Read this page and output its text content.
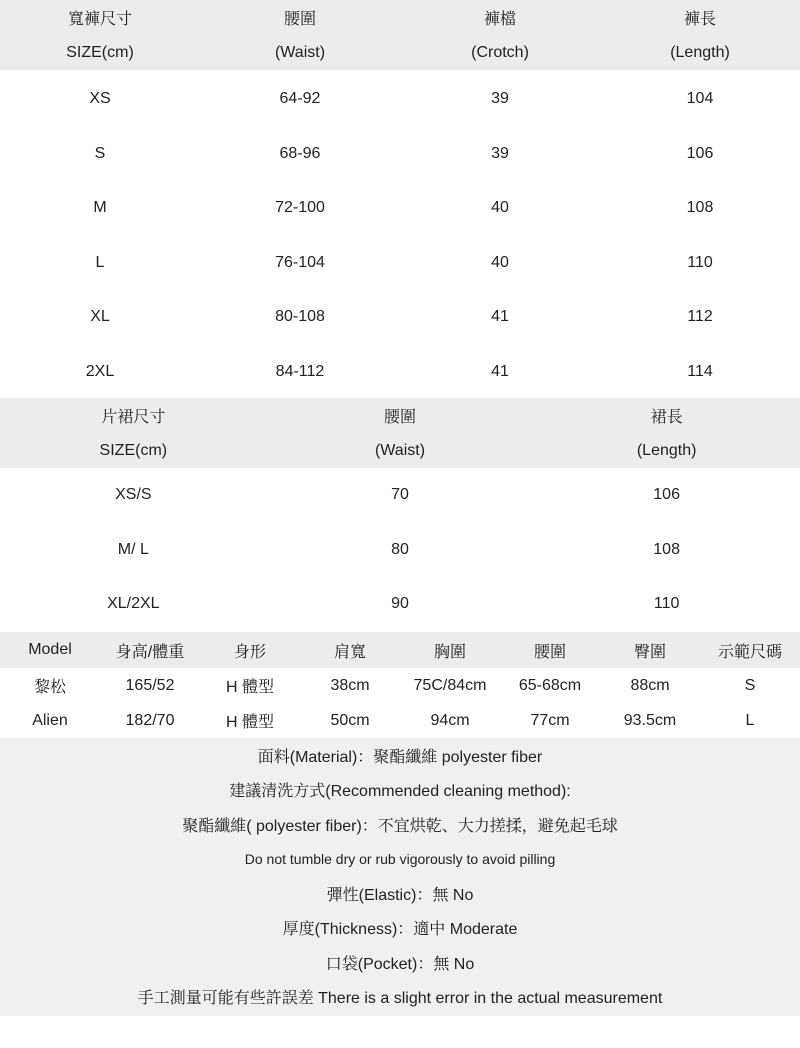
寬褲尺寸	腰圍	褲檔	褲長
SIZE(cm)	(Waist)	(Crotch)	(Length)
XS	64-92	39	104
S	68-96	39	106
M	72-100	40	108
L	76-104	40	110
XL	80-108	41	112
2XL	84-112	41	114
片裙尺寸	腰圍	裙長
SIZE(cm)	(Waist)	(Length)
XS/S	70	106
M/ L	80	108
XL/2XL	90	110
Model	身高/體重	身形	肩寬	胸圍	腰圍	臀圍	示範尺碼
黎松	165/52	H 體型	38cm	75C/84cm	65-68cm	88cm	S
Alien	182/70	H 體型	50cm	94cm	77cm	93.5cm	L
面料(Material)：聚酯纖維 polyester fiber
建議清洗方式(Recommended cleaning method):
聚酯纖維( polyester fiber)：不宜烘乾、大力搓揉，避免起毛球
Do not tumble dry or rub vigorously to avoid pilling
彈性(Elastic)：無 No
厚度(Thickness)：適中 Moderate
口袋(Pocket)：無 No
手工測量可能有些許誤差 There is a slight error in the actual measurement
